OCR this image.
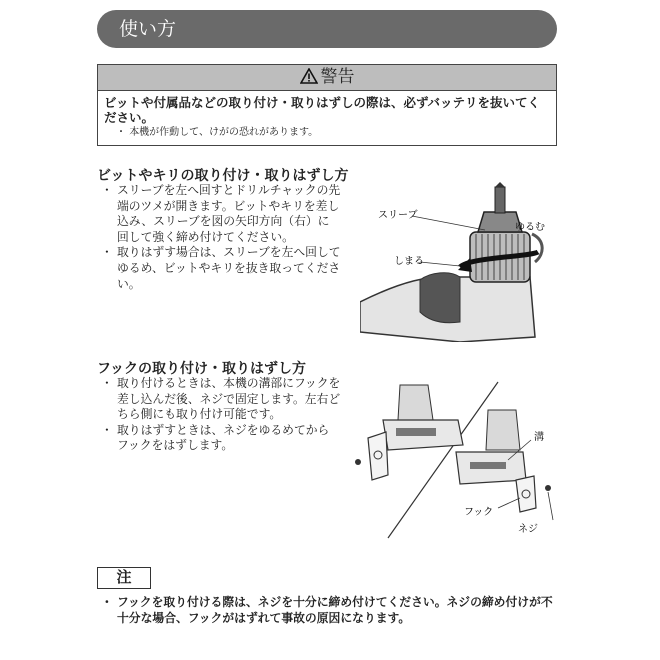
使い方
警告
ビットや付属品などの取り付け・取りはずしの際は、必ずバッテリを抜いてください。
・ 本機が作動して、けがの恐れがあります。
ビットやキリの取り付け・取りはずし方
・ スリーブを左へ回すとドリルチャックの先端のツメが開きます。ビットやキリを差し込み、スリーブを図の矢印方向（右）に回して強く締め付けてください。
・ 取りはずす場合は、スリーブを左へ回してゆるめ、ビットやキリを抜き取ってください。
スリーブ
ゆるむ
しまる
フックの取り付け・取りはずし方
・ 取り付けるときは、本機の溝部にフックを差し込んだ後、ネジで固定します。左右どちら側にも取り付け可能です。
・ 取りはずすときは、ネジをゆるめてからフックをはずします。
溝
フック
ネジ
注
・ フックを取り付ける際は、ネジを十分に締め付けてください。ネジの締め付けが不十分な場合、フックがはずれて事故の原因になります。
